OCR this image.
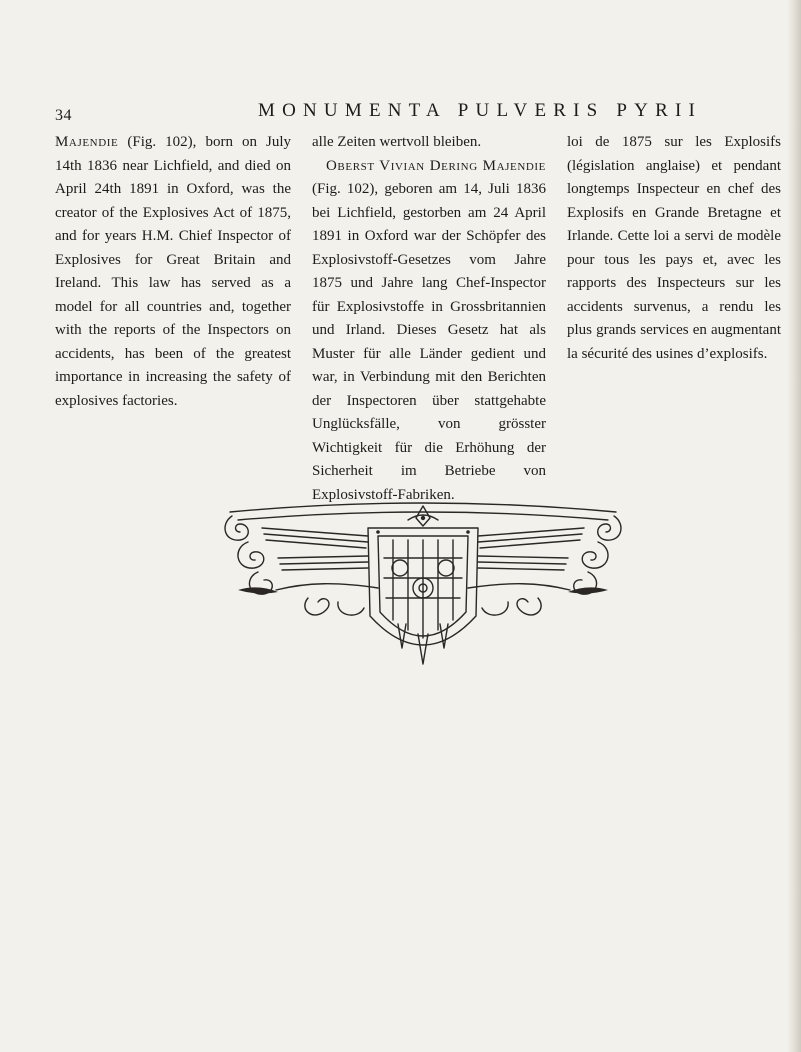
34	MONUMENTA PULVERIS PYRII

Majendie (Fig. 102), born on July 14th 1836 near Lichfield, and died on April 24th 1891 in Oxford, was the creator of the Explosives Act of 1875, and for years H.M. Chief Inspector of Explosives for Great Britain and Ireland. This law has served as a model for all countries and, together with the reports of the Inspectors on accidents, has been of the greatest importance in increasing the safety of explosives factories.

alle Zeiten wertvoll bleiben.

Oberst Vivian Dering Majendie (Fig. 102), geboren am 14, Juli 1836 bei Lichfield, gestorben am 24 April 1891 in Oxford war der Schöpfer des Explosivstoff-Gesetzes vom Jahre 1875 und Jahre lang Chef-Inspector für Explosivstoffe in Grossbritannien und Irland. Dieses Gesetz hat als Muster für alle Länder gedient und war, in Verbindung mit den Berichten der Inspectoren über stattgehabte Unglücksfälle, von grösster Wichtigkeit für die Erhöhung der Sicherheit im Betriebe von Explosivstoff-Fabriken.

loi de 1875 sur les Explosifs (législation anglaise) et pendant longtemps Inspecteur en chef des Explosifs en Grande Bretagne et Irlande. Cette loi a servi de modèle pour tous les pays et, avec les rapports des Inspecteurs sur les accidents survenus, a rendu les plus grands services en augmentant la sécurité des usines d’explosifs.
